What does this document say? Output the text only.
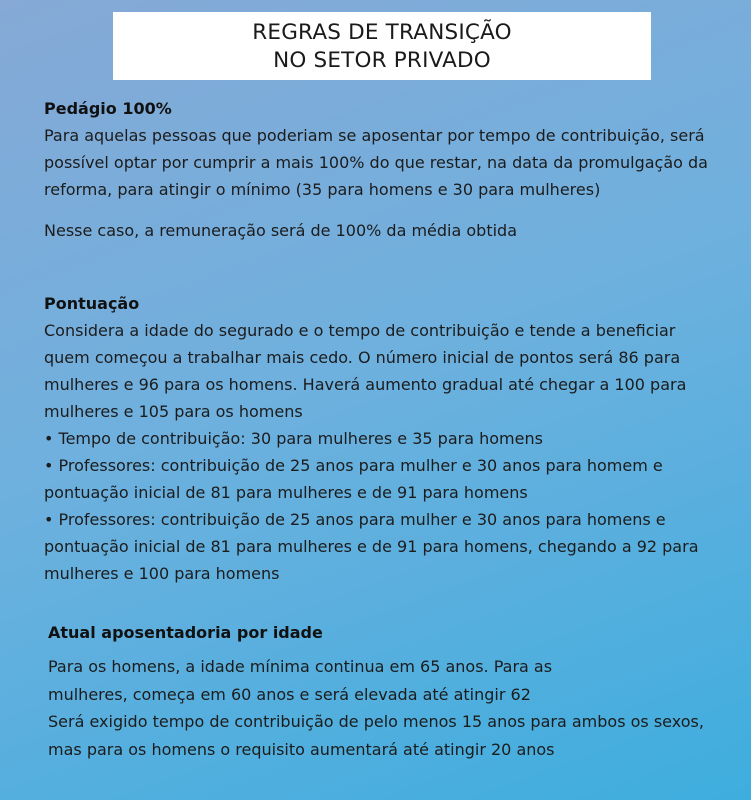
REGRAS DE TRANSIÇÃO
NO SETOR PRIVADO
Pedágio 100%
Para aquelas pessoas que poderiam se aposentar por tempo de contribuição, será possível optar por cumprir a mais 100% do que restar, na data da promulgação da reforma, para atingir o mínimo (35 para homens e 30 para mulheres)
Nesse caso, a remuneração será de 100% da média obtida
Pontuação
Considera a idade do segurado e o tempo de contribuição e tende a beneficiar quem começou a trabalhar mais cedo. O número inicial de pontos será 86 para mulheres e 96 para os homens. Haverá aumento gradual até chegar a 100 para mulheres e 105 para os homens
• Tempo de contribuição: 30 para mulheres e 35 para homens
• Professores: contribuição de 25 anos para mulher e 30 anos para homem e pontuação inicial de 81 para mulheres e de 91 para homens
• Professores: contribuição de 25 anos para mulher e 30 anos para homens e pontuação inicial de 81 para mulheres e de 91 para homens, chegando a 92 para mulheres e 100 para homens
Atual aposentadoria por idade
Para os homens, a idade mínima continua em 65 anos. Para as mulheres, começa em 60 anos e será elevada até atingir 62
Será exigido tempo de contribuição de pelo menos 15 anos para ambos os sexos, mas para os homens o requisito aumentará até atingir 20 anos
